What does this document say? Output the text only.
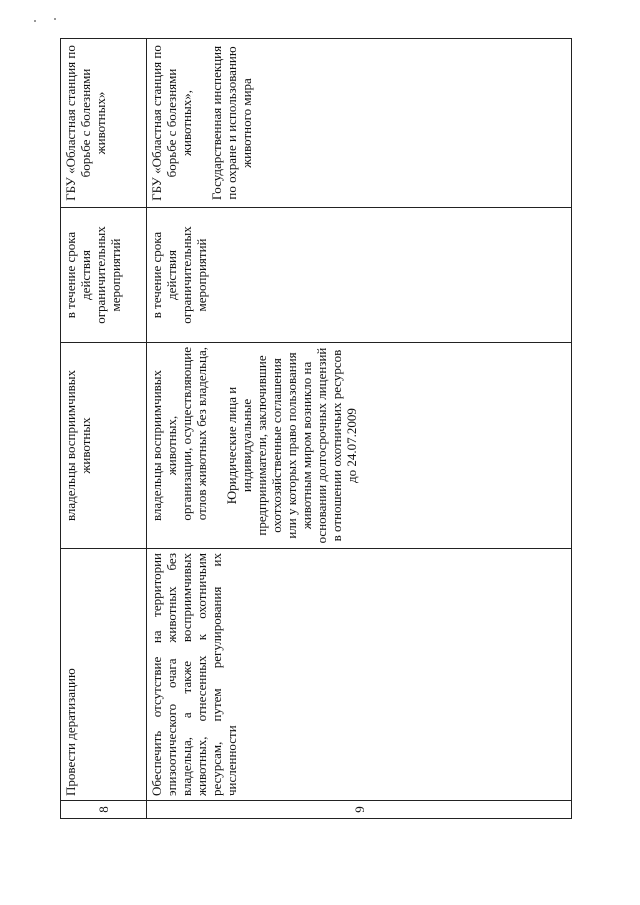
8	Провести дератизацию	владельцы восприимчивых животных	в течение срока действия ограничительных мероприятий	ГБУ «Областная станция по борьбе с болезнями животных»

9	Обеспечить отсутствие на территории эпизоотического очага животных без владельца, а также восприимчивых животных, отнесенных к охотничьим ресурсам, путем регулирования их численности	владельцы восприимчивых животных, организации, осуществляющие отлов животных без владельца, Юридические лица и индивидуальные предприниматели, заключившие охотхозяйственные соглашения или у которых право пользования животным миром возникло на основании долгосрочных лицензий в отношении охотничьих ресурсов до 24.07.2009	в течение срока действия ограничительных мероприятий	ГБУ «Областная станция по борьбе с болезнями животных», Государственная инспекция по охране и использованию животного мира
